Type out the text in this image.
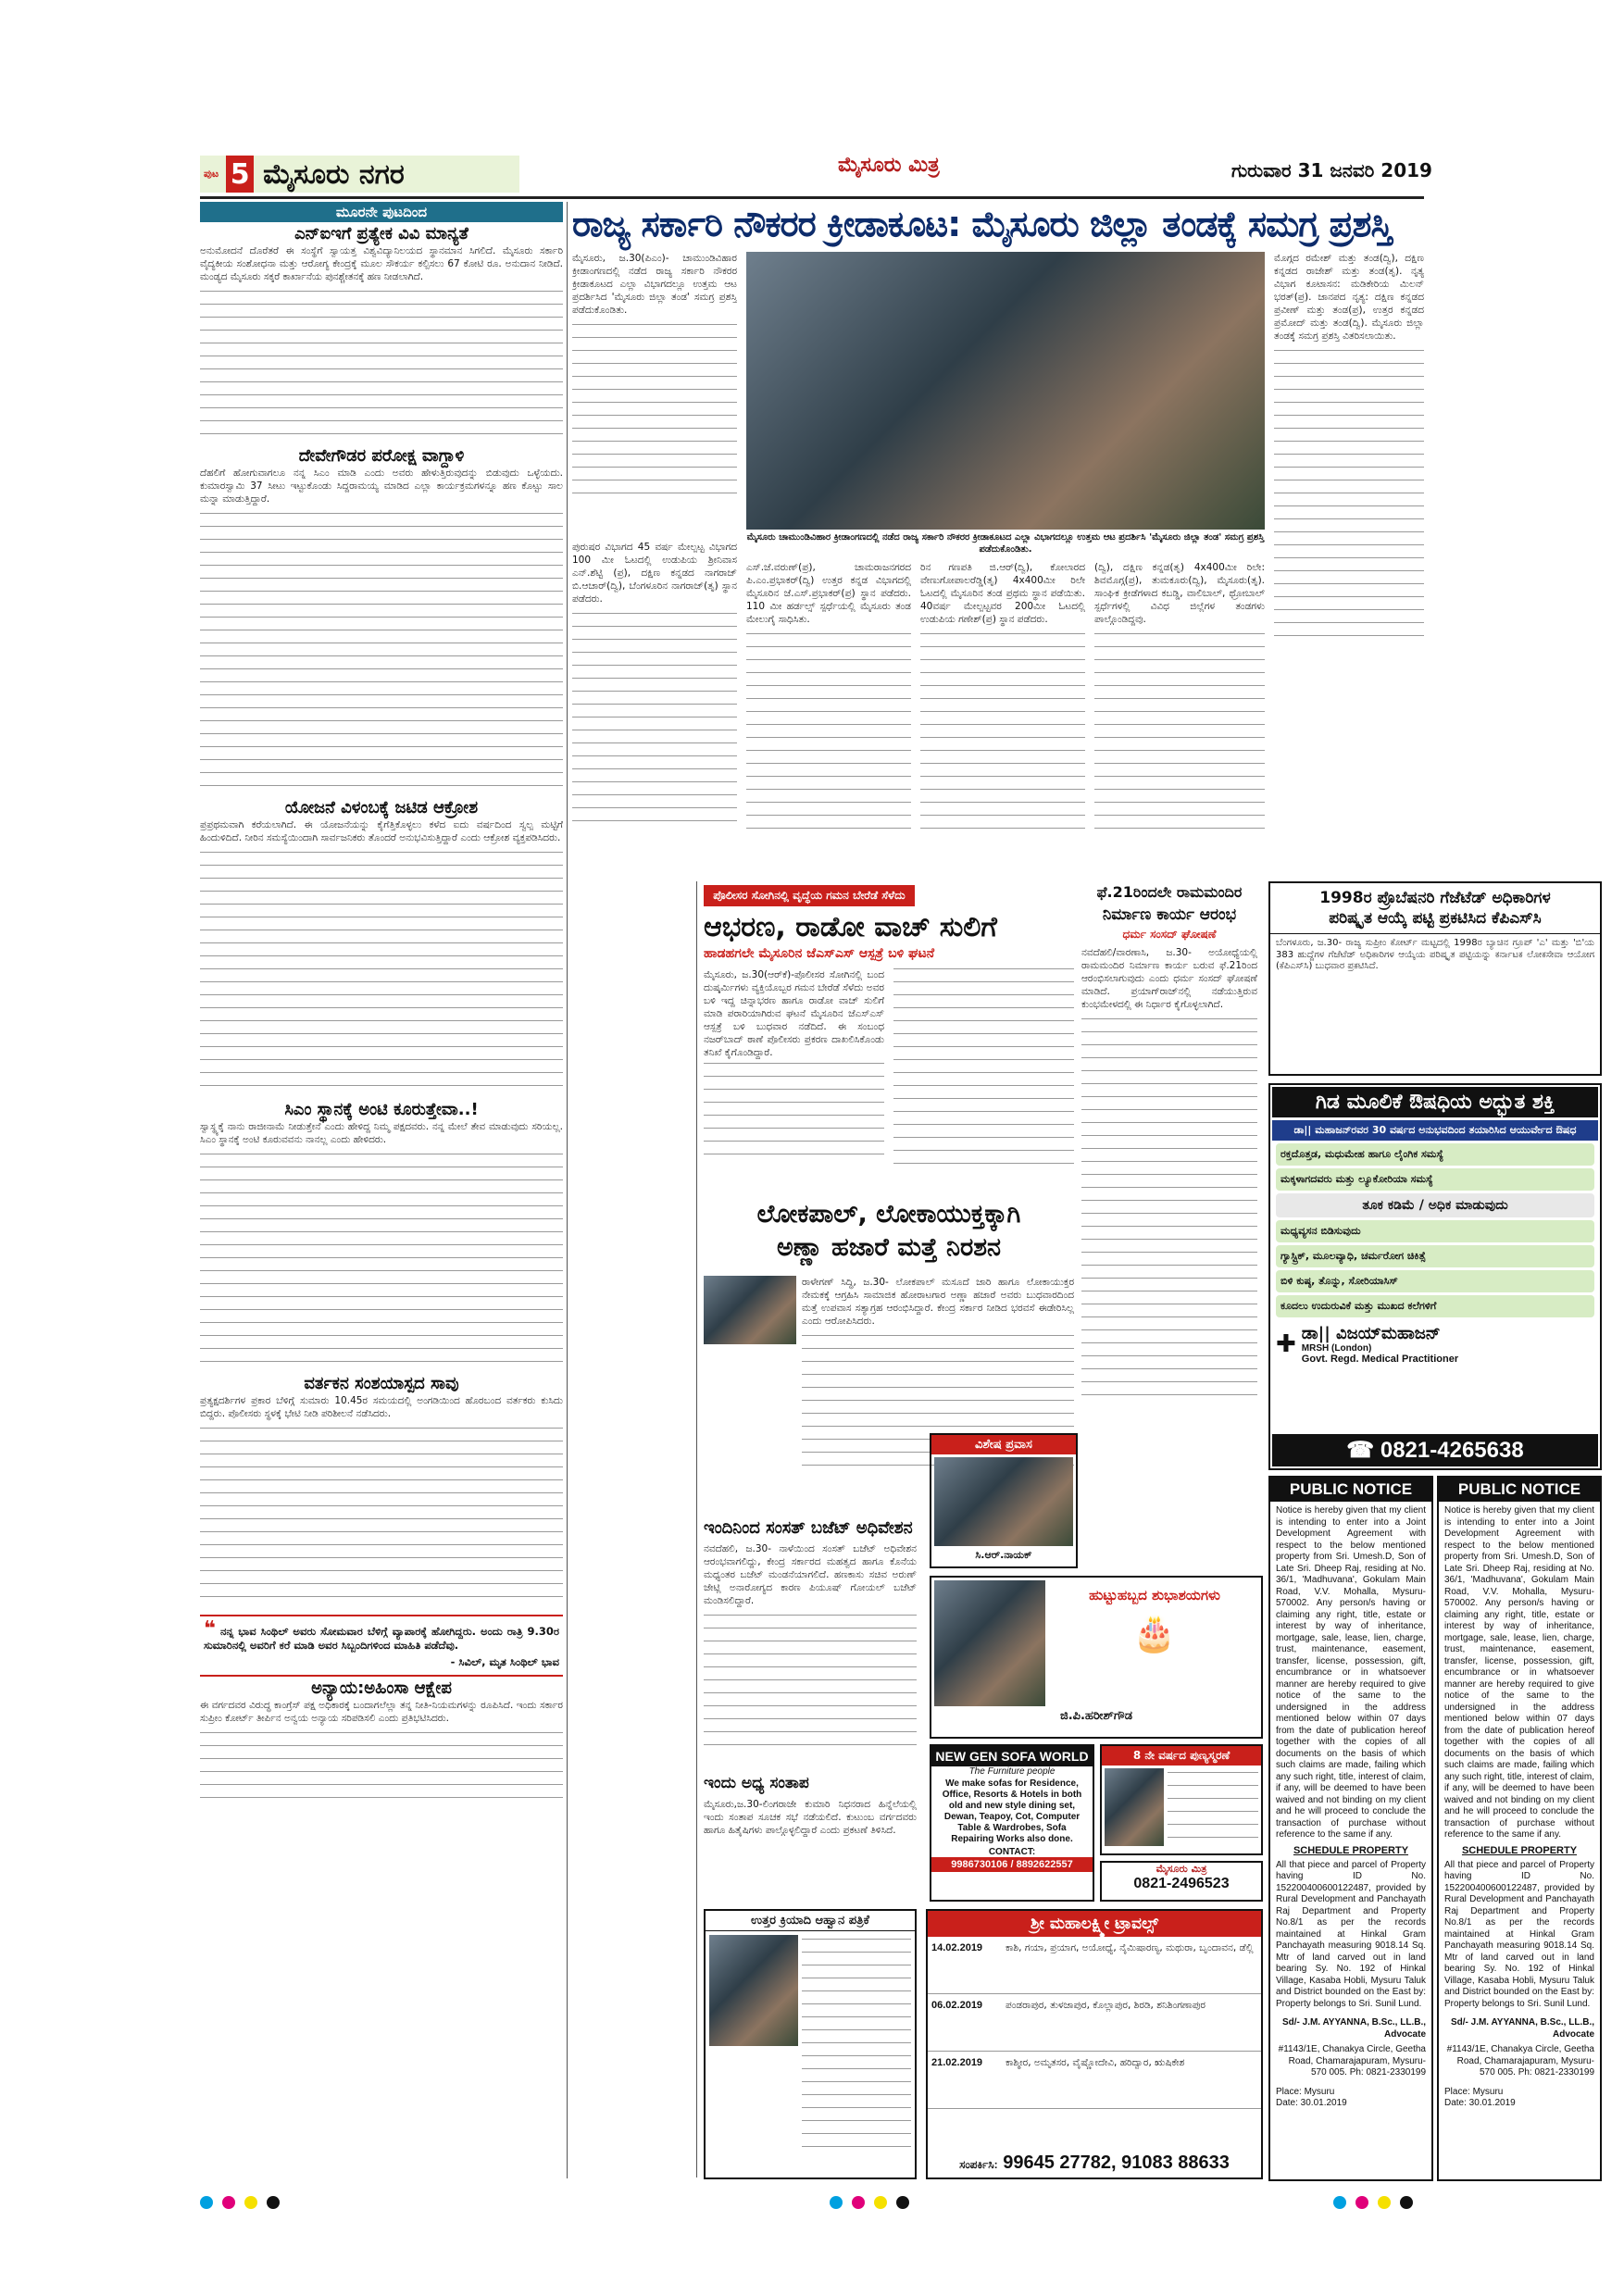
ಪುಟ 5 ಮೈಸೂರು ನಗರ	ಮೈಸೂರು ಮಿತ್ರ	ಗುರುವಾರ 31 ಜನವರಿ 2019
ಮೂರನೇ ಪುಟದಿಂದ
ಎನ್‌ಐಇಗೆ ಪ್ರತ್ಯೇಕ ವಿವಿ ಮಾನ್ಯತೆ

ಅನುಮೋದನೆ ದೊರೆತರೆ ಈ ಸಂಸ್ಥೆಗೆ ಸ್ವಾಯತ್ತ ವಿಶ್ವವಿದ್ಯಾನಿಲಯದ ಸ್ಥಾನಮಾನ ಸಿಗಲಿದೆ. ಮೈಸೂರು ಸರ್ಕಾರಿ ವೈದ್ಯಕೀಯ ಸಂಶೋಧನಾ ಮತ್ತು ಆರೋಗ್ಯ ಕೇಂದ್ರಕ್ಕೆ ಮೂಲ ಸೌಕರ್ಯ ಕಲ್ಪಿಸಲು 67 ಕೋಟಿ ರೂ. ಅನುದಾನ ನೀಡಿದೆ. ಮಂಡ್ಯದ ಮೈಸೂರು ಸಕ್ಕರೆ ಕಾರ್ಖಾನೆಯ ಪುನಶ್ಚೇತನಕ್ಕೆ ಹಣ ನೀಡಲಾಗಿದೆ.

ದೇವೇಗೌಡರ ಪರೋಕ್ಷ ವಾಗ್ದಾಳಿ

ದೆಹಲಿಗೆ ಹೋಗುವಾಗಲೂ ನನ್ನ ಸಿಎಂ ಮಾಡಿ ಎಂದು ಅವರು ಹೇಳುತ್ತಿರುವುದನ್ನು ಬಿಡುವುದು ಒಳ್ಳೆಯದು. ಕುಮಾರಸ್ವಾಮಿ 37 ಸೀಟು ಇಟ್ಟುಕೊಂಡು ಸಿದ್ದರಾಮಯ್ಯ ಮಾಡಿದ ಎಲ್ಲಾ ಕಾರ್ಯಕ್ರಮಗಳನ್ನೂ ಹಣ ಕೊಟ್ಟು ಸಾಲ ಮನ್ನಾ ಮಾಡುತ್ತಿದ್ದಾರೆ.

ಯೋಜನೆ ವಿಳಂಬಕ್ಕೆ ಜಟಿಡ ಆಕ್ರೋಶ

ಪ್ರಪ್ರಥಮವಾಗಿ ಕರೆಯಲಾಗಿದೆ. ಈ ಯೋಜನೆಯನ್ನು ಕೈಗೆತ್ತಿಕೊಳ್ಳಲು ಕಳೆದ ಐದು ವರ್ಷದಿಂದ ಸ್ವಲ್ಪ ಮಟ್ಟಿಗೆ ಹಿಂದುಳಿದಿದೆ. ನೀರಿನ ಸಮಸ್ಯೆಯಿಂದಾಗಿ ಸಾರ್ವಜನಿಕರು ತೊಂದರೆ ಅನುಭವಿಸುತ್ತಿದ್ದಾರೆ ಎಂದು ಆಕ್ರೋಶ ವ್ಯಕ್ತಪಡಿಸಿದರು.

ಸಿಎಂ ಸ್ಥಾನಕ್ಕೆ ಅಂಟಿ ಕೂರುತ್ತೇವಾ..!

ಸ್ವಾಸ್ಥ್ಯಕ್ಕೆ ನಾನು ರಾಜೀನಾಮೆ ನೀಡುತ್ತೇನೆ ಎಂದು ಹೇಳಿದ್ದ ನಿಮ್ಮ ಪಕ್ಷದವರು. ನನ್ನ ಮೇಲೆ ತೇವ ಮಾಡುವುದು ಸರಿಯಲ್ಲ. ಸಿಎಂ ಸ್ಥಾನಕ್ಕೆ ಅಂಟಿ ಕೂರುವವನು ನಾನಲ್ಲ ಎಂದು ಹೇಳಿದರು.

ವರ್ತಕನ ಸಂಶಯಾಸ್ಪದ ಸಾವು

ಪ್ರತ್ಯಕ್ಷದರ್ಶಿಗಳ ಪ್ರಕಾರ ಬೆಳಿಗ್ಗೆ ಸುಮಾರು 10.45ರ ಸಮಯದಲ್ಲಿ ಅಂಗಡಿಯಿಂದ ಹೊರಬಂದ ವರ್ತಕರು ಕುಸಿದು ಬಿದ್ದರು. ಪೊಲೀಸರು ಸ್ಥಳಕ್ಕೆ ಭೇಟಿ ನೀಡಿ ಪರಿಶೀಲನೆ ನಡೆಸಿದರು.

❝ ನನ್ನ ಭಾವ ಸಿಂಥಿಲ್ ಅವರು ಸೋಮವಾರ ಬೆಳಿಗ್ಗೆ ವ್ಯಾಪಾರಕ್ಕೆ ಹೋಗಿದ್ದರು. ಅಂದು ರಾತ್ರಿ 9.30ರ ಸುಮಾರಿನಲ್ಲಿ ಅವರಿಗೆ ಕರೆ ಮಾಡಿ ಅವರ ಸಿಬ್ಬಂದಿಗಳಿಂದ ಮಾಹಿತಿ ಪಡೆದೆವು.
- ಸಿವಿಲ್, ಮೃತ ಸಿಂಥಿಲ್ ಭಾವ
ಅನ್ಯಾಯ:ಅಹಿಂಸಾ ಆಕ್ಷೇಪ

ಈ ವರ್ಗದವರ ವಿರುದ್ಧ ಕಾಂಗ್ರೆಸ್ ಪಕ್ಷ ಅಧಿಕಾರಕ್ಕೆ ಬಂದಾಗಲೆಲ್ಲಾ ತನ್ನ ನೀತಿ-ನಿಯಮಗಳನ್ನು ರೂಪಿಸಿದೆ. ಇಂದು ಸರ್ಕಾರ ಸುಪ್ರೀಂ ಕೋರ್ಟ್ ತೀರ್ಪಿನ ಅನ್ವಯ ಅನ್ಯಾಯ ಸರಿಪಡಿಸಲಿ ಎಂದು ಪ್ರತಿಭಟಿಸಿದರು.

ರಾಜ್ಯ ಸರ್ಕಾರಿ ನೌಕರರ ಕ್ರೀಡಾಕೂಟ: ಮೈಸೂರು ಜಿಲ್ಲಾ ತಂಡಕ್ಕೆ ಸಮಗ್ರ ಪ್ರಶಸ್ತಿ

ಮೈಸೂರು, ಜ.30(ಪಿಎಂ)- ಚಾಮುಂಡಿವಿಹಾರ ಕ್ರೀಡಾಂಗಣದಲ್ಲಿ ನಡೆದ ರಾಜ್ಯ ಸರ್ಕಾರಿ ನೌಕರರ ಕ್ರೀಡಾಕೂಟದ ಎಲ್ಲಾ ವಿಭಾಗದಲ್ಲೂ ಉತ್ತಮ ಆಟ ಪ್ರದರ್ಶಿಸಿದ 'ಮೈಸೂರು ಜಿಲ್ಲಾ ತಂಡ' ಸಮಗ್ರ ಪ್ರಶಸ್ತಿ ಪಡೆದುಕೊಂಡಿತು.

ಮೈಸೂರು ಚಾಮುಂಡಿವಿಹಾರ ಕ್ರೀಡಾಂಗಣದಲ್ಲಿ ನಡೆದ ರಾಜ್ಯ ಸರ್ಕಾರಿ ನೌಕರರ ಕ್ರೀಡಾಕೂಟದ ಎಲ್ಲಾ ವಿಭಾಗದಲ್ಲೂ ಉತ್ತಮ ಆಟ ಪ್ರದರ್ಶಿಸಿ 'ಮೈಸೂರು ಜಿಲ್ಲಾ ತಂಡ' ಸಮಗ್ರ ಪ್ರಶಸ್ತಿ ಪಡೆದುಕೊಂಡಿತು.

ಮೊಗ್ಗದ ರಮೇಶ್ ಮತ್ತು ತಂಡ(ದ್ವಿ), ದಕ್ಷಿಣ ಕನ್ನಡದ ರಾಜೇಶ್ ಮತ್ತು ತಂಡ(ತೃ). ನೃತ್ಯ ವಿಭಾಗ ಕೂಟಾಸನ: ಮಡಿಕೇರಿಯ ಮಿಲನ್ ಭರತ್(ಪ್ರ). ಜಾನಪದ ನೃತ್ಯ: ದಕ್ಷಿಣ ಕನ್ನಡದ ಪ್ರವೀಣ್ ಮತ್ತು ತಂಡ(ಪ್ರ), ಉತ್ತರ ಕನ್ನಡದ ಪ್ರಮೋದ್ ಮತ್ತು ತಂಡ(ದ್ವಿ). ಮೈಸೂರು ಜಿಲ್ಲಾ ತಂಡಕ್ಕೆ ಸಮಗ್ರ ಪ್ರಶಸ್ತಿ ವಿತರಿಸಲಾಯಿತು.

ಪುರುಷರ ವಿಭಾಗದ 45 ವರ್ಷ ಮೇಲ್ಪಟ್ಟ ವಿಭಾಗದ 100 ಮೀ ಓಟದಲ್ಲಿ ಉಡುಪಿಯ ಶ್ರೀನಿವಾಸ ಎನ್.ಶೆಟ್ಟಿ (ಪ್ರ), ದಕ್ಷಿಣ ಕನ್ನಡದ ನಾಗರಾಜ್ ಬಿ.ಆಚಾರ್(ದ್ವಿ), ಬೆಂಗಳೂರಿನ ನಾಗರಾಜ್(ತೃ) ಸ್ಥಾನ ಪಡೆದರು.

ಎಸ್.ಜೆ.ವರುಣ್(ಪ್ರ), ಚಾಮರಾಜನಗರದ ಪಿ.ಎಂ.ಪ್ರಭಾಕರ್(ದ್ವಿ) ಉತ್ತರ ಕನ್ನಡ ವಿಭಾಗದಲ್ಲಿ ಮೈಸೂರಿನ ಜೆ.ಎಸ್.ಪ್ರಭಾಕರ್(ಪ್ರ) ಸ್ಥಾನ ಪಡೆದರು. 110 ಮೀ ಹರ್ಡಲ್ಸ್ ಸ್ಪರ್ಧೆಯಲ್ಲಿ ಮೈಸೂರು ತಂಡ ಮೇಲುಗೈ ಸಾಧಿಸಿತು.

ರಿನ ಗಣಪತಿ ಜಿ.ಆರ್(ದ್ವಿ), ಕೋಲಾರದ ವೇಣುಗೋಪಾಲರೆಡ್ಡಿ(ತೃ) 4x400ಮೀ ರಿಲೇ ಓಟದಲ್ಲಿ ಮೈಸೂರಿನ ತಂಡ ಪ್ರಥಮ ಸ್ಥಾನ ಪಡೆಯಿತು. 40ವರ್ಷ ಮೇಲ್ಪಟ್ಟವರ 200ಮೀ ಓಟದಲ್ಲಿ ಉಡುಪಿಯ ಗಣೇಶ್(ಪ್ರ) ಸ್ಥಾನ ಪಡೆದರು.

(ದ್ವಿ), ದಕ್ಷಿಣ ಕನ್ನಡ(ತೃ) 4x400ಮೀ ರಿಲೇ: ಶಿವಮೊಗ್ಗ(ಪ್ರ), ತುಮಕೂರು(ದ್ವಿ), ಮೈಸೂರು(ತೃ). ಸಾಂಘಿಕ ಕ್ರೀಡೆಗಳಾದ ಕಬಡ್ಡಿ, ವಾಲಿಬಾಲ್, ಥ್ರೋಬಾಲ್ ಸ್ಪರ್ಧೆಗಳಲ್ಲಿ ವಿವಿಧ ಜಿಲ್ಲೆಗಳ ತಂಡಗಳು ಪಾಲ್ಗೊಂಡಿದ್ದವು.

ಪೊಲೀಸರ ಸೋಗಿನಲ್ಲಿ ವೃದ್ಧೆಯ ಗಮನ ಬೇರೆಡೆ ಸೆಳೆದು
ಆಭರಣ, ರಾಡೋ ವಾಚ್ ಸುಲಿಗೆ
ಹಾಡಹಗಲೇ ಮೈಸೂರಿನ ಜೆಎಸ್‌ಎಸ್ ಆಸ್ಪತ್ರೆ ಬಳಿ ಘಟನೆ

ಮೈಸೂರು, ಜ.30(ಆರ್‌ಕೆ)-ಪೊಲೀಸರ ಸೋಗಿನಲ್ಲಿ ಬಂದ ದುಷ್ಕರ್ಮಿಗಳು ವ್ಯಕ್ತಿಯೊಬ್ಬರ ಗಮನ ಬೇರೆಡೆ ಸೆಳೆದು ಅವರ ಬಳಿ ಇದ್ದ ಚಿನ್ನಾಭರಣ ಹಾಗೂ ರಾಡೋ ವಾಚ್ ಸುಲಿಗೆ ಮಾಡಿ ಪರಾರಿಯಾಗಿರುವ ಘಟನೆ ಮೈಸೂರಿನ ಜೆಎಸ್‌ಎಸ್ ಆಸ್ಪತ್ರೆ ಬಳಿ ಬುಧವಾರ ನಡೆದಿದೆ. ಈ ಸಂಬಂಧ ನಜರ್‌ಬಾದ್ ಠಾಣೆ ಪೊಲೀಸರು ಪ್ರಕರಣ ದಾಖಲಿಸಿಕೊಂಡು ತನಿಖೆ ಕೈಗೊಂಡಿದ್ದಾರೆ.

ಫೆ.21ರಿಂದಲೇ ರಾಮಮಂದಿರ
ನಿರ್ಮಾಣ ಕಾರ್ಯ ಆರಂಭ
ಧರ್ಮ ಸಂಸದ್ ಘೋಷಣೆ

ನವದೆಹಲಿ/ವಾರಣಾಸಿ, ಜ.30- ಅಯೋಧ್ಯೆಯಲ್ಲಿ ರಾಮಮಂದಿರ ನಿರ್ಮಾಣ ಕಾರ್ಯ ಬರುವ ಫೆ.21ರಿಂದ ಆರಂಭಿಸಲಾಗುವುದು ಎಂದು ಧರ್ಮ ಸಂಸದ್ ಘೋಷಣೆ ಮಾಡಿದೆ. ಪ್ರಯಾಗ್‌ರಾಜ್‌ನಲ್ಲಿ ನಡೆಯುತ್ತಿರುವ ಕುಂಭಮೇಳದಲ್ಲಿ ಈ ನಿರ್ಧಾರ ಕೈಗೊಳ್ಳಲಾಗಿದೆ.

1998ರ ಪ್ರೊಬೆಷನರಿ ಗೆಜೆಟೆಡ್ ಅಧಿಕಾರಿಗಳ
ಪರಿಷ್ಕೃತ ಆಯ್ಕೆ ಪಟ್ಟಿ ಪ್ರಕಟಿಸಿದ ಕೆಪಿಎಸ್‌ಸಿ
ಬೆಂಗಳೂರು, ಜ.30- ರಾಜ್ಯ ಸುಪ್ರೀಂ ಕೋರ್ಟ್ ಮಟ್ಟದಲ್ಲಿ 1998ರ ಬ್ಯಾಚಿನ ಗ್ರೂಪ್ 'ಎ' ಮತ್ತು 'ಬಿ'ಯ 383 ಹುದ್ದೆಗಳ ಗೆಜೆಟೆಡ್ ಅಧಿಕಾರಿಗಳ ಆಯ್ಕೆಯ ಪರಿಷ್ಕೃತ ಪಟ್ಟಿಯನ್ನು ಕರ್ನಾಟಕ ಲೋಕಸೇವಾ ಆಯೋಗ (ಕೆಪಿಎಸ್‌ಸಿ) ಬುಧವಾರ ಪ್ರಕಟಿಸಿದೆ.
ಗಿಡ ಮೂಲಿಕೆ ಔಷಧಿಯ ಅದ್ಭುತ ಶಕ್ತಿ
ಡಾ|| ಮಹಾಜನ್‌ರವರ 30 ವರ್ಷದ ಅನುಭವದಿಂದ ತಯಾರಿಸಿದ ಆಯುರ್ವೇದ ಔಷಧ
ರಕ್ತದೊತ್ತಡ, ಮಧುಮೇಹ ಹಾಗೂ ಲೈಂಗಿಕ ಸಮಸ್ಯೆ
ಮಕ್ಕಳಾಗದವರು ಮತ್ತು ಲ್ಯೂಕೋರಿಯಾ ಸಮಸ್ಯೆ
ತೂಕ ಕಡಿಮೆ / ಅಧಿಕ ಮಾಡುವುದು
ಮಧ್ಯವ್ಯಸನ ಬಿಡಿಸುವುದು
ಗ್ಯಾಸ್ಟ್ರಿಕ್, ಮೂಲವ್ಯಾಧಿ, ಚರ್ಮರೋಗ ಚಿಕಿತ್ಸೆ
ಬಿಳಿ ಕುಷ್ಠ, ತೊನ್ನು, ಸೋರಿಯಾಸಿಸ್
ಕೂದಲು ಉದುರುವಿಕೆ ಮತ್ತು ಮುಖದ ಕಲೆಗಳಿಗೆ
✚ ಡಾ|| ವಿಜಯ್‌ಮಹಾಜನ್
MRSH (London)
Govt. Regd. Medical Practitioner
☎ 0821-4265638
ಲೋಕಪಾಲ್, ಲೋಕಾಯುಕ್ತಕ್ಕಾಗಿ
ಅಣ್ಣಾ ಹಜಾರೆ ಮತ್ತೆ ನಿರಶನ

ರಾಳೇಗಣ್ ಸಿದ್ಧಿ, ಜ.30- ಲೋಕಪಾಲ್ ಮಸೂದೆ ಜಾರಿ ಹಾಗೂ ಲೋಕಾಯುಕ್ತರ ನೇಮಕಕ್ಕೆ ಆಗ್ರಹಿಸಿ ಸಾಮಾಜಿಕ ಹೋರಾಟಗಾರ ಅಣ್ಣಾ ಹಜಾರೆ ಅವರು ಬುಧವಾರದಿಂದ ಮತ್ತೆ ಉಪವಾಸ ಸತ್ಯಾಗ್ರಹ ಆರಂಭಿಸಿದ್ದಾರೆ. ಕೇಂದ್ರ ಸರ್ಕಾರ ನೀಡಿದ ಭರವಸೆ ಈಡೇರಿಸಿಲ್ಲ ಎಂದು ಆರೋಪಿಸಿದರು.

ವಿಶೇಷ ಪ್ರವಾಸ
ಸಿ.ಆರ್.ನಾಯಕ್
ಇಂದಿನಿಂದ ಸಂಸತ್ ಬಜೆಟ್ ಅಧಿವೇಶನ

ನವದೆಹಲಿ, ಜ.30- ನಾಳೆಯಿಂದ ಸಂಸತ್ ಬಜೆಟ್ ಅಧಿವೇಶನ ಆರಂಭವಾಗಲಿದ್ದು, ಕೇಂದ್ರ ಸರ್ಕಾರದ ಮಹತ್ವದ ಹಾಗೂ ಕೊನೆಯ ಮಧ್ಯಂತರ ಬಜೆಟ್ ಮಂಡನೆಯಾಗಲಿದೆ. ಹಣಕಾಸು ಸಚಿವ ಅರುಣ್ ಜೇಟ್ಲಿ ಅನಾರೋಗ್ಯದ ಕಾರಣ ಪಿಯೂಷ್ ಗೋಯಲ್ ಬಜೆಟ್ ಮಂಡಿಸಲಿದ್ದಾರೆ.	ಹುಟ್ಟುಹಬ್ಬದ ಶುಭಾಶಯಗಳು
🎂
ಜಿ.ಪಿ.ಹರೀಶ್‌ಗೌಡ
NEW GEN SOFA WORLD
The Furniture people
We make sofas for Residence, Office, Resorts & Hotels in both old and new style dining set, Dewan, Teapoy, Cot, Computer Table & Wardrobes, Sofa Repairing Works also done.
CONTACT:
9986730106 / 8892622557
8 ನೇ ವರ್ಷದ ಪುಣ್ಯಸ್ಮರಣೆ
ಮೈಸೂರು ಮಿತ್ರ
0821-2496523
ಇಂದು ಅಧ್ಯ ಸಂತಾಪ

ಮೈಸೂರು,ಜ.30-ಲಿಂಗರಾಜೇ ಕುಮಾರಿ ನಿಧನರಾದ ಹಿನ್ನೆಲೆಯಲ್ಲಿ ಇಂದು ಸಂತಾಪ ಸೂಚಕ ಸಭೆ ನಡೆಯಲಿದೆ. ಕುಟುಂಬ ವರ್ಗದವರು ಹಾಗೂ ಹಿತೈಷಿಗಳು ಪಾಲ್ಗೊಳ್ಳಲಿದ್ದಾರೆ ಎಂದು ಪ್ರಕಟಣೆ ತಿಳಿಸಿದೆ.

ಉತ್ತರ ಕ್ರಿಯಾದಿ ಆಹ್ವಾನ ಪತ್ರಿಕೆ	ಶ್ರೀ ಮಹಾಲಕ್ಷ್ಮೀ ಟ್ರಾವಲ್ಸ್
14.02.2019	ಕಾಶಿ, ಗಯಾ, ಪ್ರಯಾಗ, ಅಯೋಧ್ಯೆ, ನೈಮಿಷಾರಣ್ಯ, ಮಥುರಾ, ಬೃಂದಾವನ, ಡೆಲ್ಲಿ
06.02.2019	ಪಂಡರಾಪುರ, ತುಳಜಾಪುರ, ಕೊಲ್ಲಾಪುರ, ಶಿರಡಿ, ಶನಿಶಿಂಗಣಾಪುರ
21.02.2019	ಕಾಶ್ಮೀರ, ಅಮೃತಸರ, ವೈಷ್ಣೋದೇವಿ, ಹರಿದ್ವಾರ, ಋಷಿಕೇಶ
ಸಂಪರ್ಕಿಸಿ: 99645 27782, 91083 88633
PUBLIC NOTICE
Notice is hereby given that my client is intending to enter into a Joint Development Agreement with respect to the below mentioned property from Sri. Umesh.D, Son of Late Sri. Dheep Raj, residing at No. 36/1, 'Madhuvana', Gokulam Main Road, V.V. Mohalla, Mysuru-570002. Any person/s having or claiming any right, title, estate or interest by way of inheritance, mortgage, sale, lease, lien, charge, trust, maintenance, easement, transfer, license, possession, gift, encumbrance or in whatsoever manner are hereby required to give notice of the same to the undersigned in the address mentioned below within 07 days from the date of publication hereof together with the copies of all documents on the basis of which such claims are made, failing which any such right, title, interest of claim, if any, will be deemed to have been waived and not binding on my client and he will proceed to conclude the transaction of purchase without reference to the same if any.
SCHEDULE PROPERTY
All that piece and parcel of Property having ID No. 152200400600122487, provided by Rural Development and Panchayath Raj Department and Property No.8/1 as per the records maintained at Hinkal Gram Panchayath measuring 9018.14 Sq. Mtr of land carved out in land bearing Sy. No. 192 of Hinkal Village, Kasaba Hobli, Mysuru Taluk and District bounded on the East by: Property belongs to Sri. Sunil Lund.
Sd/- J.M. AYYANNA, B.Sc., LL.B., Advocate
#1143/1E, Chanakya Circle, Geetha Road, Chamarajapuram, Mysuru-570 005. Ph: 0821-2330199
Place: Mysuru
Date: 30.01.2019
PUBLIC NOTICE
Notice is hereby given that my client is intending to enter into a Joint Development Agreement with respect to the below mentioned property from Sri. Umesh.D, Son of Late Sri. Dheep Raj, residing at No. 36/1, 'Madhuvana', Gokulam Main Road, V.V. Mohalla, Mysuru-570002. Any person/s having or claiming any right, title, estate or interest by way of inheritance, mortgage, sale, lease, lien, charge, trust, maintenance, easement, transfer, license, possession, gift, encumbrance or in whatsoever manner are hereby required to give notice of the same to the undersigned in the address mentioned below within 07 days from the date of publication hereof together with the copies of all documents on the basis of which such claims are made, failing which any such right, title, interest of claim, if any, will be deemed to have been waived and not binding on my client and he will proceed to conclude the transaction of purchase without reference to the same if any.
SCHEDULE PROPERTY
All that piece and parcel of Property having ID No. 152200400600122487, provided by Rural Development and Panchayath Raj Department and Property No.8/1 as per the records maintained at Hinkal Gram Panchayath measuring 9018.14 Sq. Mtr of land carved out in land bearing Sy. No. 192 of Hinkal Village, Kasaba Hobli, Mysuru Taluk and District bounded on the East by: Property belongs to Sri. Sunil Lund.
Sd/- J.M. AYYANNA, B.Sc., LL.B., Advocate
#1143/1E, Chanakya Circle, Geetha Road, Chamarajapuram, Mysuru-570 005. Ph: 0821-2330199
Place: Mysuru
Date: 30.01.2019
